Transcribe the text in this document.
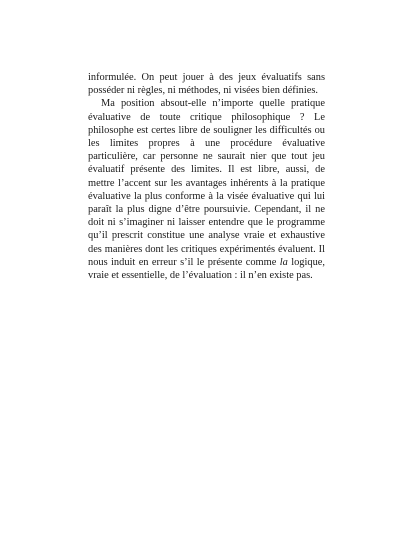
informulée. On peut jouer à des jeux évaluatifs sans posséder ni règles, ni méthodes, ni visées bien définies.

Ma position absout-elle n’importe quelle pratique évaluative de toute critique philosophique ? Le philosophe est certes libre de souligner les difficultés ou les limites propres à une procédure évaluative particulière, car personne ne saurait nier que tout jeu évaluatif présente des limites. Il est libre, aussi, de mettre l’accent sur les avantages inhérents à la pratique évaluative la plus conforme à la visée évaluative qui lui paraît la plus digne d’être poursuivie. Cependant, il ne doit ni s’imaginer ni laisser entendre que le programme qu’il prescrit constitue une analyse vraie et exhaustive des manières dont les critiques expérimentés évaluent. Il nous induit en erreur s’il le présente comme la logique, vraie et essentielle, de l’évaluation : il n’en existe pas.
